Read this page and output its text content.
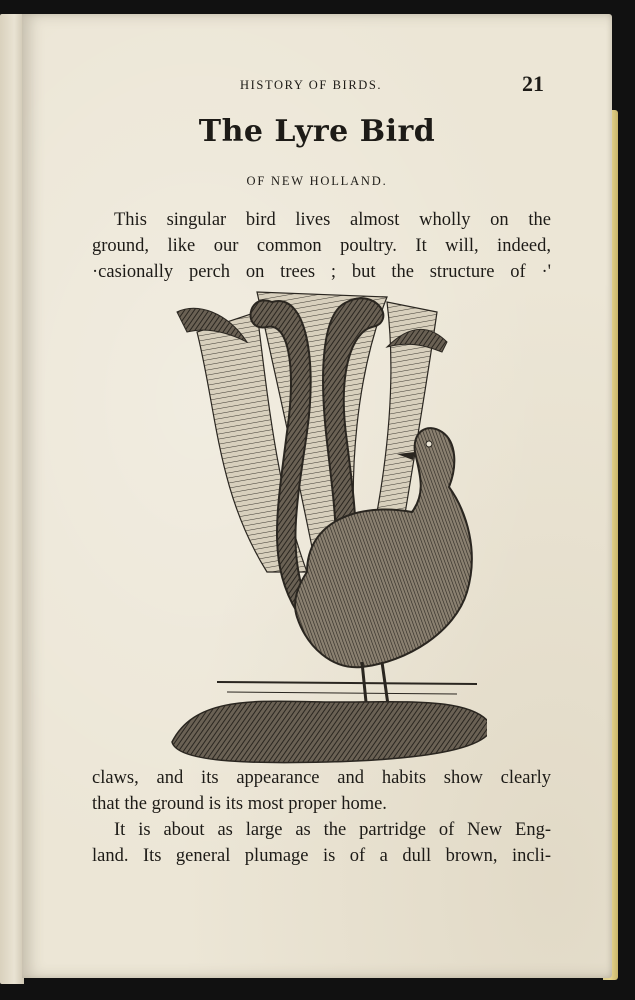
HISTORY OF BIRDS.	21

The Lyre Bird

OF NEW HOLLAND.

This singular bird lives almost wholly on the

ground, like our common poultry. It will, indeed,

·casionally perch on trees ; but the structure of ·'

claws, and its appearance and habits show clearly

that the ground is its most proper home.

It is about as large as the partridge of New Eng-

land. Its general plumage is of a dull brown, incli-
